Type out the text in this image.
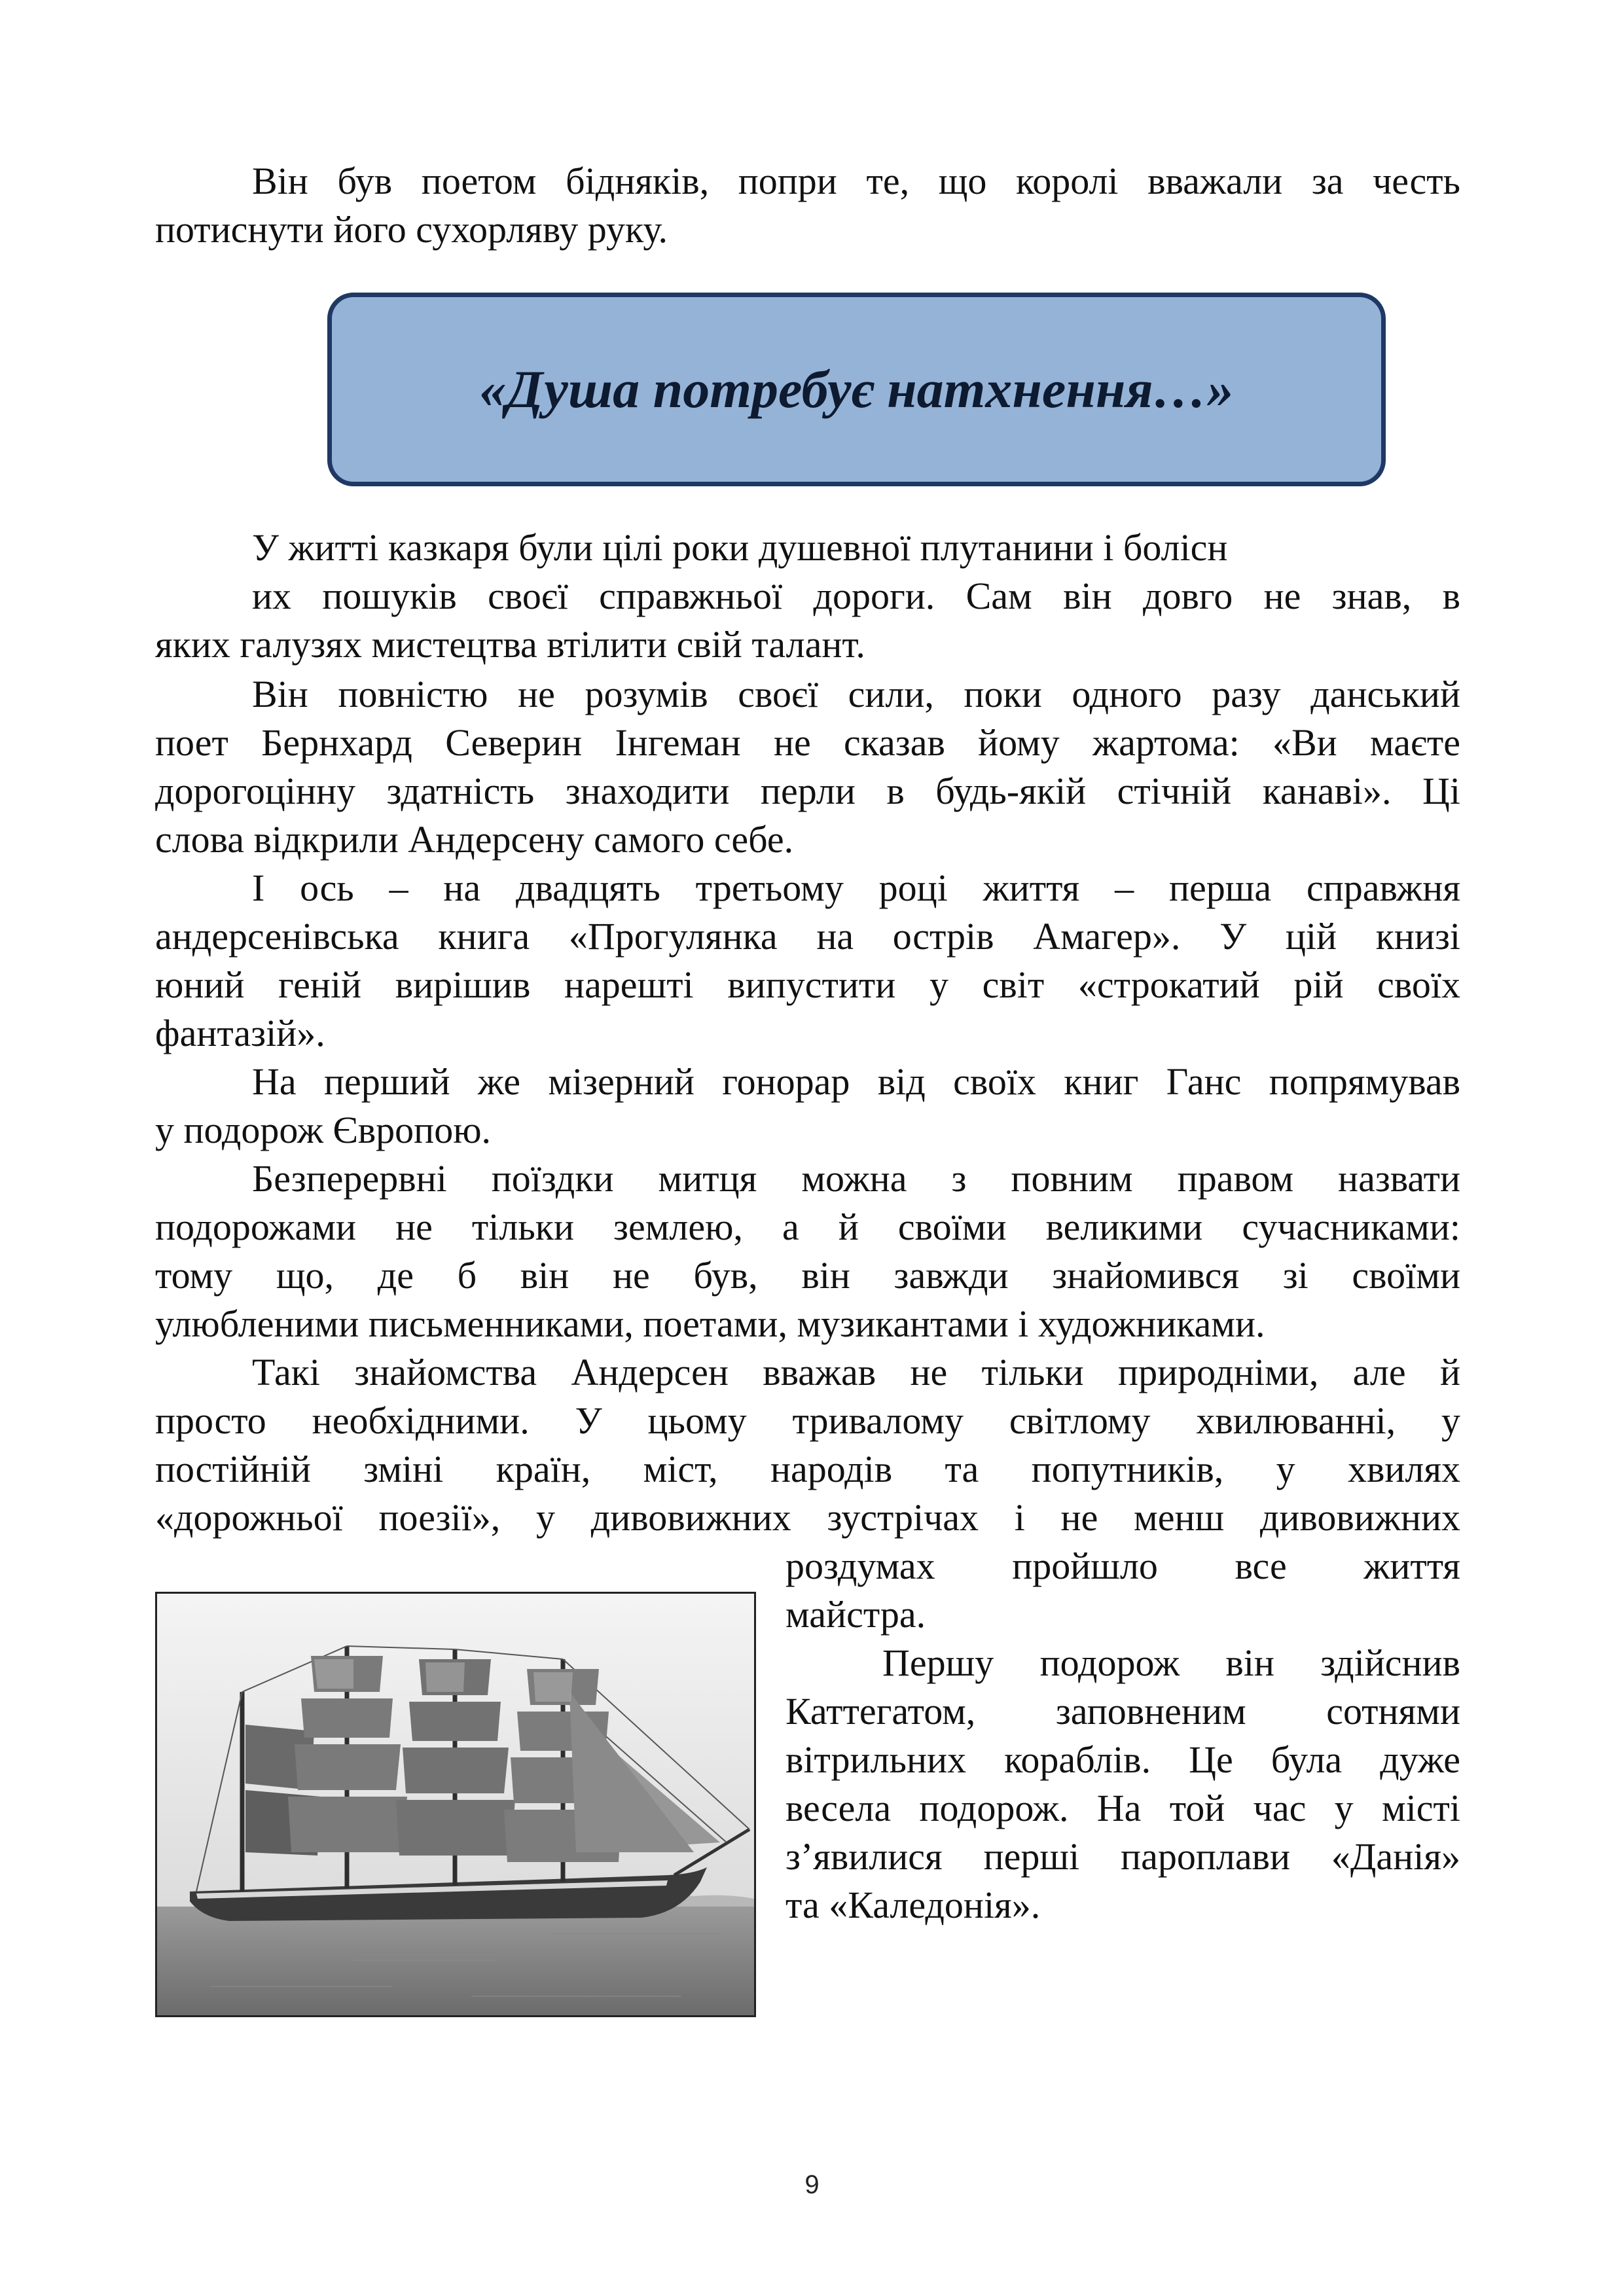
Він був поетом бідняків, попри те, що королі вважали за честь
потиснути його сухорляву руку.

«Душа потребує натхнення…»

У житті казкаря були цілі роки душевної плутанини і болісн
их пошуків своєї справжньої дороги. Сам він довго не знав, в
яких галузях мистецтва втілити свій талант.

Він повністю не розумів своєї сили, поки одного разу данський
поет Бернхард Северин Інгеман не сказав йому жартома: «Ви маєте
дорогоцінну здатність знаходити перли в будь-якій стічній канаві». Ці
слова відкрили Андерсену самого себе.

І ось – на двадцять третьому році життя – перша справжня
андерсенівська книга «Прогулянка на острів Амагер». У цій книзі
юний геній вирішив нарешті випустити у світ «строкатий рій своїх
фантазій».

На перший же мізерний гонорар від своїх книг Ганс попрямував
у подорож Європою.

Безперервні поїздки митця можна з повним правом назвати
подорожами не тільки землею, а й своїми великими сучасниками:
тому що, де б він не був, він завжди знайомився зі своїми
улюбленими письменниками, поетами, музикантами і художниками.

Такі знайомства Андерсен вважав не тільки природніми, але й
просто необхідними. У цьому тривалому світлому хвилюванні, у
постійній зміні країн, міст, народів та попутників, у хвилях
«дорожньої поезії», у дивовижних зустрічах і не менш дивовижних

роздумах пройшло все життя
майстра.

Першу подорож він здійснив
Каттегатом, заповненим сотнями
вітрильних кораблів. Це була дуже
весела подорож. На той час у місті
з’явилися перші пароплави «Данія»
та «Каледонія».

9
